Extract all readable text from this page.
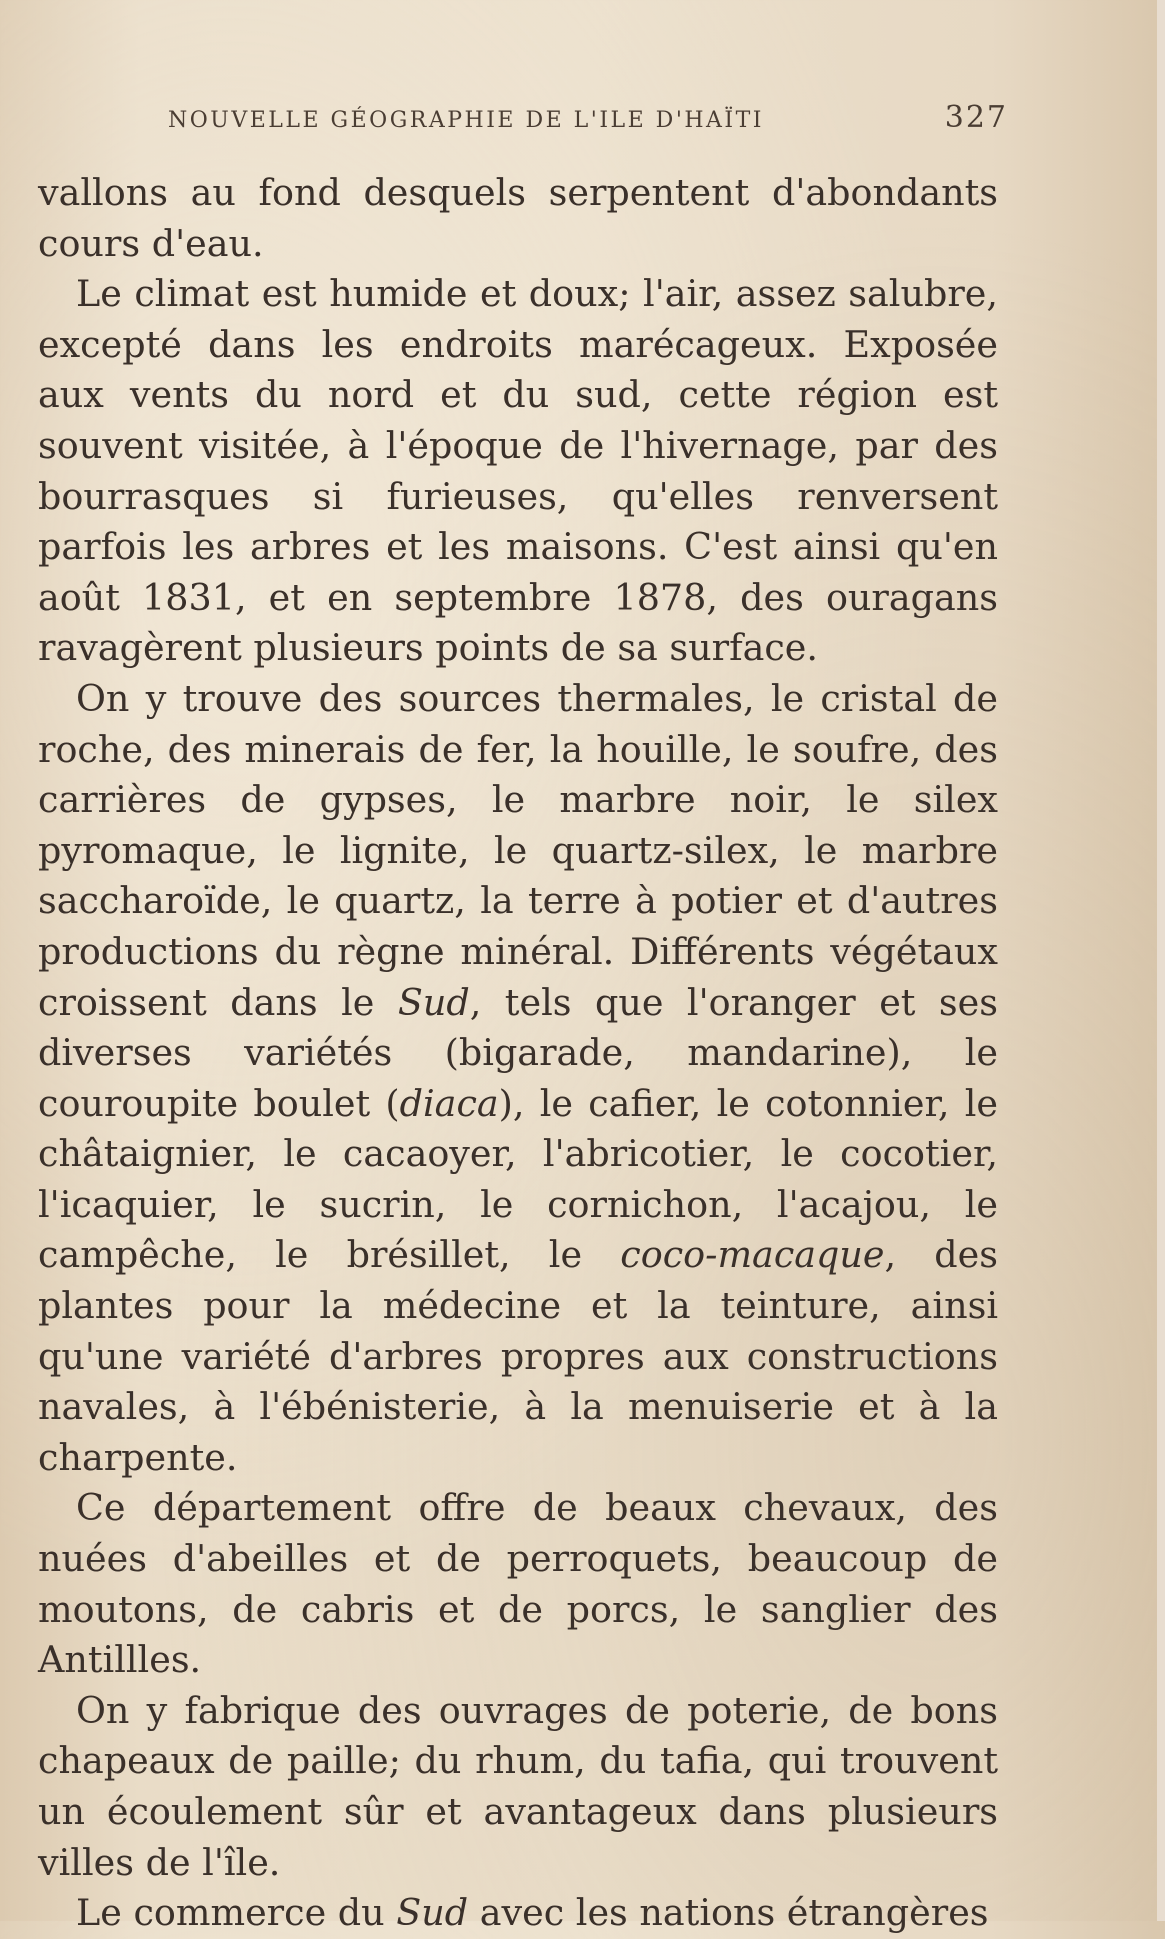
NOUVELLE GÉOGRAPHIE DE L'ILE D'HAÏTI	327

vallons au fond desquels serpentent d'abondants cours d'eau.

Le climat est humide et doux; l'air, assez salubre, excepté dans les endroits marécageux. Exposée aux vents du nord et du sud, cette région est souvent visitée, à l'époque de l'hivernage, par des bourrasques si furieuses, qu'elles renversent parfois les arbres et les maisons. C'est ainsi qu'en août 1831, et en septembre 1878, des ouragans ravagèrent plusieurs points de sa surface.

On y trouve des sources thermales, le cristal de roche, des minerais de fer, la houille, le soufre, des carrières de gypses, le marbre noir, le silex pyromaque, le lignite, le quartz-silex, le marbre saccharoïde, le quartz, la terre à potier et d'autres productions du règne minéral. Différents végétaux croissent dans le Sud, tels que l'oranger et ses diverses variétés (bigarade, mandarine), le couroupite boulet (diaca), le cafier, le cotonnier, le châtaignier, le cacaoyer, l'abricotier, le cocotier, l'icaquier, le sucrin, le cornichon, l'acajou, le campêche, le brésillet, le coco-macaque, des plantes pour la médecine et la teinture, ainsi qu'une variété d'arbres propres aux constructions navales, à l'ébénisterie, à la menuiserie et à la charpente.

Ce département offre de beaux chevaux, des nuées d'abeilles et de perroquets, beaucoup de moutons, de cabris et de porcs, le sanglier des Antillles.

On y fabrique des ouvrages de poterie, de bons chapeaux de paille; du rhum, du tafia, qui trouvent un écoulement sûr et avantageux dans plusieurs villes de l'île.

Le commerce du Sud avec les nations étrangères
